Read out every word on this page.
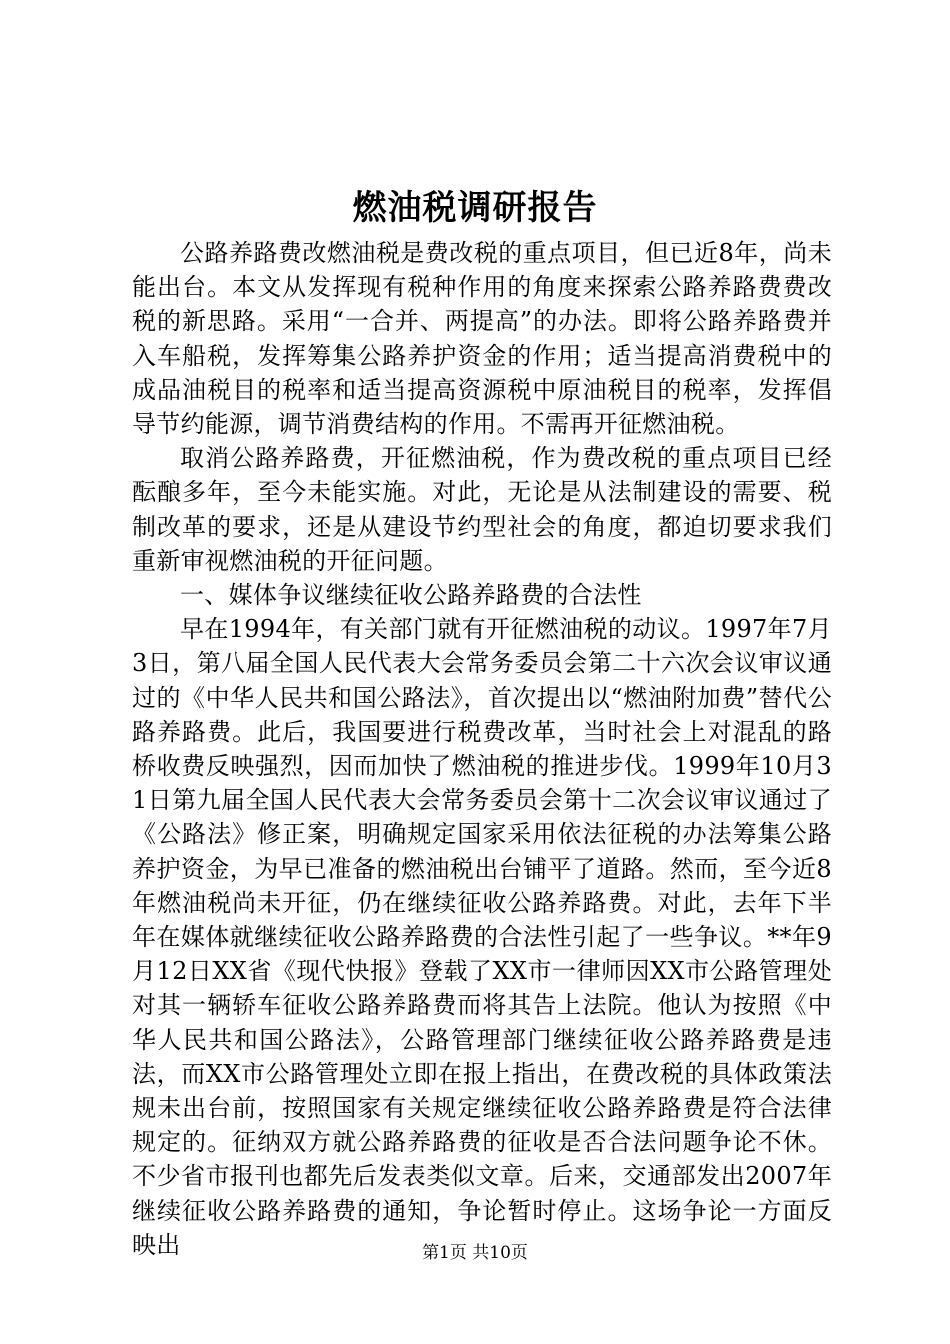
燃油税调研报告

公路养路费改燃油税是费改税的重点项目，但已近8年，尚未能出台。本文从发挥现有税种作用的角度来探索公路养路费费改税的新思路。采用“一合并、两提高”的办法。即将公路养路费并入车船税，发挥筹集公路养护资金的作用；适当提高消费税中的成品油税目的税率和适当提高资源税中原油税目的税率，发挥倡导节约能源，调节消费结构的作用。不需再开征燃油税。

取消公路养路费，开征燃油税，作为费改税的重点项目已经酝酿多年，至今未能实施。对此，无论是从法制建设的需要、税制改革的要求，还是从建设节约型社会的角度，都迫切要求我们重新审视燃油税的开征问题。

一、媒体争议继续征收公路养路费的合法性

早在1994年，有关部门就有开征燃油税的动议。1997年7月3日，第八届全国人民代表大会常务委员会第二十六次会议审议通过的《中华人民共和国公路法》，首次提出以“燃油附加费”替代公路养路费。此后，我国要进行税费改革，当时社会上对混乱的路桥收费反映强烈，因而加快了燃油税的推进步伐。1999年10月31日第九届全国人民代表大会常务委员会第十二次会议审议通过了《公路法》修正案，明确规定国家采用依法征税的办法筹集公路养护资金，为早已准备的燃油税出台铺平了道路。然而，至今近8年燃油税尚未开征，仍在继续征收公路养路费。对此，去年下半年在媒体就继续征收公路养路费的合法性引起了一些争议。**年9月12日XX省《现代快报》登载了XX市一律师因XX市公路管理处对其一辆轿车征收公路养路费而将其告上法院。他认为按照《中华人民共和国公路法》，公路管理部门继续征收公路养路费是违法，而XX市公路管理处立即在报上指出，在费改税的具体政策法规未出台前，按照国家有关规定继续征收公路养路费是符合法律规定的。征纳双方就公路养路费的征收是否合法问题争论不休。不少省市报刊也都先后发表类似文章。后来，交通部发出2007年继续征收公路养路费的通知，争论暂时停止。这场争论一方面反映出	第1页 共10页
